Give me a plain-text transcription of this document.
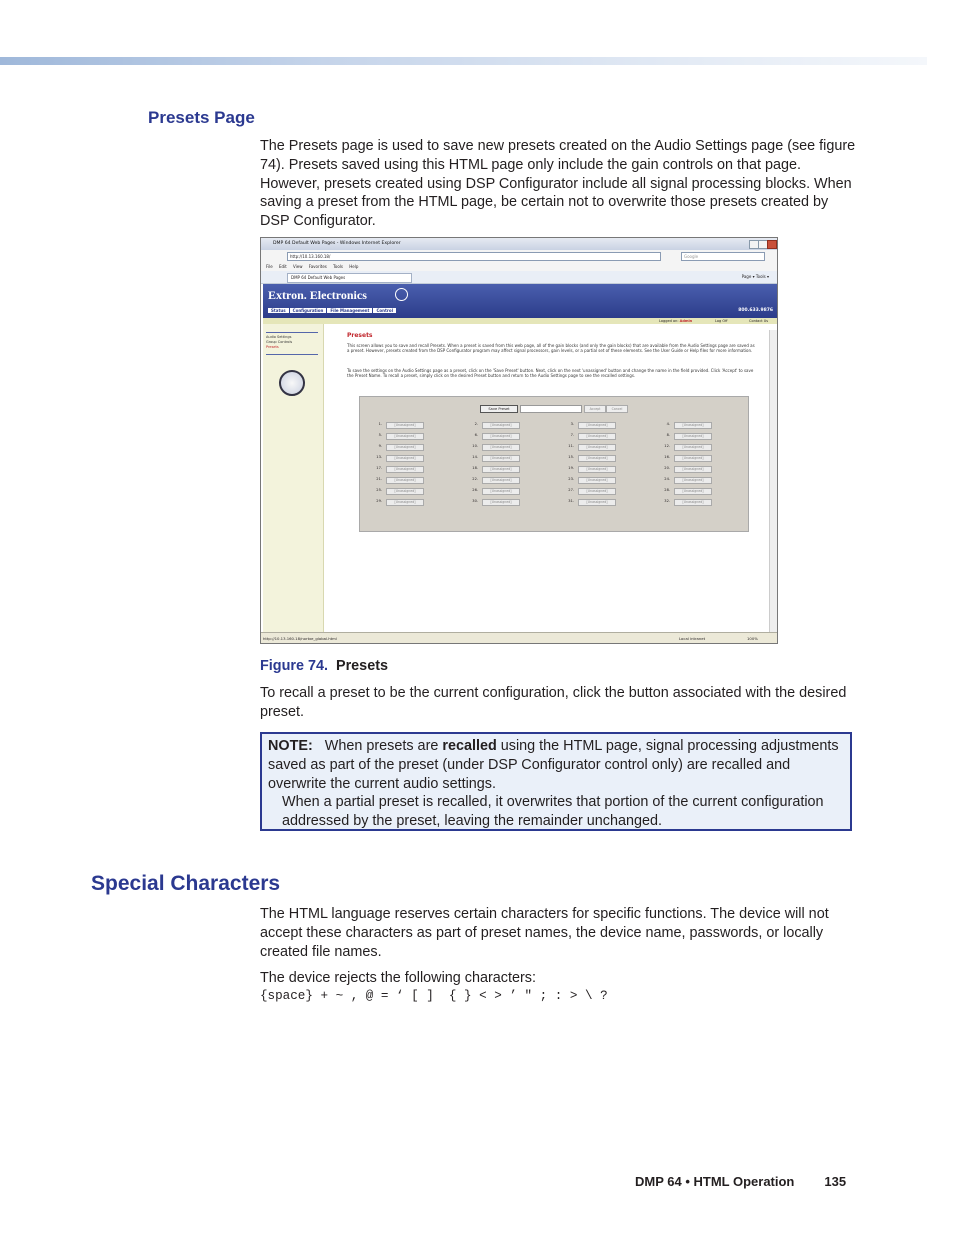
Presets Page

The Presets page is used to save new presets created on the Audio Settings page (see figure 74). Presets saved using this HTML page only include the gain controls on that page. However, presets created using DSP Configurator include all signal processing blocks. When saving a preset from the HTML page, be certain not to overwrite those presets created by DSP Configurator.

DMP 64 Default Web Pages - Windows Internet Explorer
http://10.13.160.18/	Google
File Edit View Favorites Tools Help
DMP 64 Default Web Pages	Page ▾ Tools ▾
Extron. Electronics
Status Configuration File Management Control	800.633.9876
Logged on: Admin	Log Off	Contact Us
Audio Settings
Group Controls
Presets
Presets
This screen allows you to save and recall Presets. When a preset is saved from this web page, all of the gain blocks (and only the gain blocks) that are available from the Audio Settings page are saved as a preset. However, presets created from the DSP Configurator program may affect signal processors, gain levels, or a partial set of these elements. See the User Guide or Help files for more information.
To save the settings on the Audio Settings page as a preset, click on the 'Save Preset' button. Next, click on the next 'unassigned' button and change the name in the field provided. Click 'Accept' to save the Preset Name. To recall a preset, simply click on the desired Preset button and return to the Audio Settings page to see the recalled settings.
Save Preset	Accept	Cancel
1.	[Unassigned]	2.	[Unassigned]	3.	[Unassigned]	4.	[Unassigned]
5.	[Unassigned]	6.	[Unassigned]	7.	[Unassigned]	8.	[Unassigned]
9.	[Unassigned]	10.	[Unassigned]	11.	[Unassigned]	12.	[Unassigned]
13.	[Unassigned]	14.	[Unassigned]	15.	[Unassigned]	16.	[Unassigned]
17.	[Unassigned]	18.	[Unassigned]	19.	[Unassigned]	20.	[Unassigned]
21.	[Unassigned]	22.	[Unassigned]	23.	[Unassigned]	24.	[Unassigned]
25.	[Unassigned]	26.	[Unassigned]	27.	[Unassigned]	28.	[Unassigned]
29.	[Unassigned]	30.	[Unassigned]	31.	[Unassigned]	32.	[Unassigned]
http://10.13.160.18/nortxe_global.html	Local intranet	100%
Figure 74. Presets

To recall a preset to be the current configuration, click the button associated with the desired preset.

NOTE: When presets are recalled using the HTML page, signal processing adjustments saved as part of the preset (under DSP Configurator control only) are recalled and overwrite the current audio settings.

When a partial preset is recalled, it overwrites that portion of the current configuration addressed by the preset, leaving the remainder unchanged.

Special Characters

The HTML language reserves certain characters for specific functions. The device will not accept these characters as part of preset names, the device name, passwords, or locally created file names.

The device rejects the following characters:

{space} + ~ , @ = ‘ [ ]  { } < > ’ " ; : > \ ?
DMP 64 • HTML Operation 135
